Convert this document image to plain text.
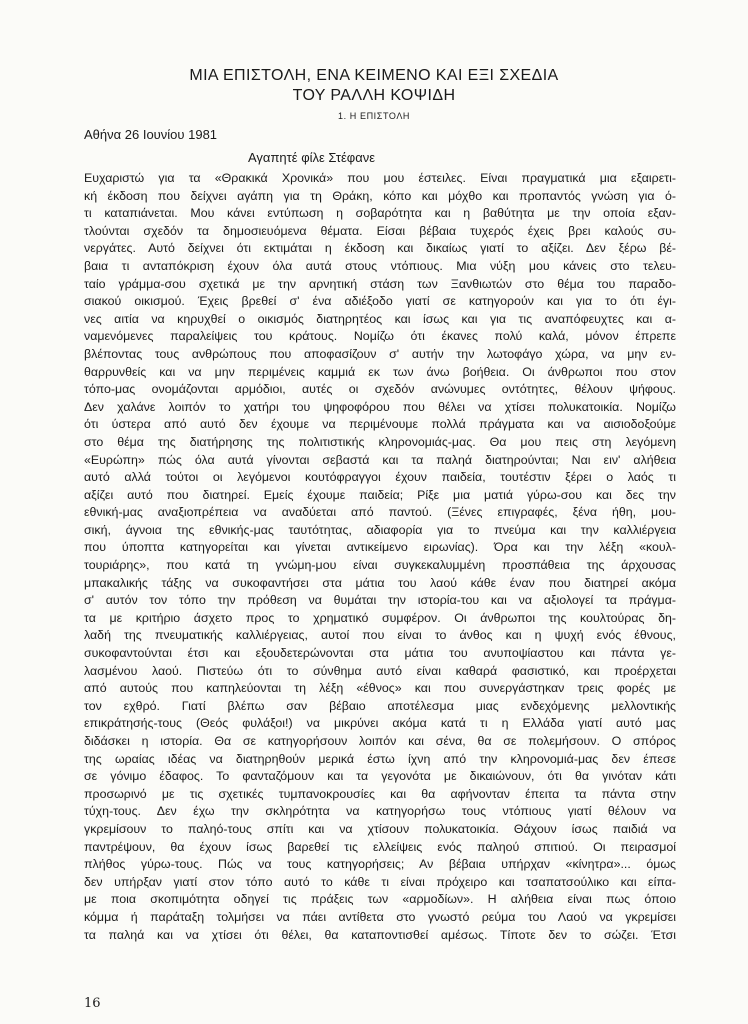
ΜΙΑ ΕΠΙΣΤΟΛΗ, ΕΝΑ ΚΕΙΜΕΝΟ ΚΑΙ ΕΞΙ ΣΧΕΔΙΑ
ΤΟΥ ΡΑΛΛΗ ΚΟΨΙΔΗ
1. Η ΕΠΙΣΤΟΛΗ
Αθήνα 26 Ιουνίου 1981
Αγαπητέ φίλε Στέφανε

Ευχαριστώ για τα «Θρακικά Χρονικά» που μου έστειλες. Είναι πραγματικά μια εξαιρετι-
κή έκδοση που δείχνει αγάπη για τη Θράκη, κόπο και μόχθο και προπαντός γνώση για ό-
τι καταπιάνεται. Μου κάνει εντύπωση η σοβαρότητα και η βαθύτητα με την οποία εξαν-
τλούνται σχεδόν τα δημοσιευόμενα θέματα. Είσαι βέβαια τυχερός έχεις βρει καλούς συ-
νεργάτες. Αυτό δείχνει ότι εκτιμάται η έκδοση και δικαίως γιατί το αξίζει. Δεν ξέρω βέ-
βαια τι ανταπόκριση έχουν όλα αυτά στους ντόπιους. Μια νύξη μου κάνεις στο τελευ-
ταίο γράμμα-σου σχετικά με την αρνητική στάση των Ξανθιωτών στο θέμα του παραδο-
σιακού οικισμού. Έχεις βρεθεί σ' ένα αδιέξοδο γιατί σε κατηγορούν και για το ότι έγι-
νες αιτία να κηρυχθεί ο οικισμός διατηρητέος και ίσως και για τις αναπόφευχτες και α-
ναμενόμενες παραλείψεις του κράτους. Νομίζω ότι έκανες πολύ καλά, μόνον έπρεπε
βλέποντας τους ανθρώπους που αποφασίζουν σ' αυτήν την λωτοφάγο χώρα, να μην εν-
θαρρυνθείς και να μην περιμένεις καμμιά εκ των άνω βοήθεια. Οι άνθρωποι που στον
τόπο-μας ονομάζονται αρμόδιοι, αυτές οι σχεδόν ανώνυμες οντότητες, θέλουν ψήφους.
Δεν χαλάνε λοιπόν το χατήρι του ψηφοφόρου που θέλει να χτίσει πολυκατοικία. Νομίζω
ότι ύστερα από αυτό δεν έχουμε να περιμένουμε πολλά πράγματα και να αισιοδοξούμε
στο θέμα της διατήρησης της πολιτιστικής κληρονομιάς-μας. Θα μου πεις στη λεγόμενη
«Ευρώπη» πώς όλα αυτά γίνονται σεβαστά και τα παληά διατηρούνται; Ναι ειν' αλήθεια
αυτό αλλά τούτοι οι λεγόμενοι κουτόφραγγοι έχουν παιδεία, τουτέστιν ξέρει ο λαός τι
αξίζει αυτό που διατηρεί. Εμείς έχουμε παιδεία; Ρίξε μια ματιά γύρω-σου και δες την
εθνική-μας αναξιοπρέπεια να αναδύεται από παντού. (Ξένες επιγραφές, ξένα ήθη, μου-
σική, άγνοια της εθνικής-μας ταυτότητας, αδιαφορία για το πνεύμα και την καλλιέργεια
που ύποπτα κατηγορείται και γίνεται αντικείμενο ειρωνίας). Όρα και την λέξη «κουλ-
τουριάρης», που κατά τη γνώμη-μου είναι συγκεκαλυμμένη προσπάθεια της άρχουσας
μπακαλικής τάξης να συκοφαντήσει στα μάτια του λαού κάθε έναν που διατηρεί ακόμα
σ' αυτόν τον τόπο την πρόθεση να θυμάται την ιστορία-του και να αξιολογεί τα πράγμα-
τα με κριτήριο άσχετο προς το χρηματικό συμφέρον. Οι άνθρωποι της κουλτούρας δη-
λαδή της πνευματικής καλλιέργειας, αυτοί που είναι το άνθος και η ψυχή ενός έθνους,
συκοφαντούνται έτσι και εξουδετερώνονται στα μάτια του ανυποψίαστου και πάντα γε-
λασμένου λαού. Πιστεύω ότι το σύνθημα αυτό είναι καθαρά φασιστικό, και προέρχεται
από αυτούς που καπηλεύονται τη λέξη «έθνος» και που συνεργάστηκαν τρεις φορές με
τον εχθρό. Γιατί βλέπω σαν βέβαιο αποτέλεσμα μιας ενδεχόμενης μελλοντικής
επικράτησής-τους (Θεός φυλάξοι!) να μικρύνει ακόμα κατά τι η Ελλάδα γιατί αυτό μας
διδάσκει η ιστορία. Θα σε κατηγορήσουν λοιπόν και σένα, θα σε πολεμήσουν. Ο σπόρος
της ωραίας ιδέας να διατηρηθούν μερικά έστω ίχνη από την κληρονομιά-μας δεν έπεσε
σε γόνιμο έδαφος. Το φανταζόμουν και τα γεγονότα με δικαιώνουν, ότι θα γινόταν κάτι
προσωρινό με τις σχετικές τυμπανοκρουσίες και θα αφήνονταν έπειτα τα πάντα στην
τύχη-τους. Δεν έχω την σκληρότητα να κατηγορήσω τους ντόπιους γιατί θέλουν να
γκρεμίσουν το παληό-τους σπίτι και να χτίσουν πολυκατοικία. Θάχουν ίσως παιδιά να
παντρέψουν, θα έχουν ίσως βαρεθεί τις ελλείψεις ενός παληού σπιτιού. Οι πειρασμοί
πλήθος γύρω-τους. Πώς να τους κατηγορήσεις; Αν βέβαια υπήρχαν «κίνητρα»... όμως
δεν υπήρξαν γιατί στον τόπο αυτό το κάθε τι είναι πρόχειρο και τσαπατσούλικο και είπα-
με ποια σκοπιμότητα οδηγεί τις πράξεις των «αρμοδίων». Η αλήθεια είναι πως όποιο
κόμμα ή παράταξη τολμήσει να πάει αντίθετα στο γνωστό ρεύμα του Λαού να γκρεμίσει
τα παληά και να χτίσει ότι θέλει, θα καταποντισθεί αμέσως. Τίποτε δεν το σώζει. Έτσι

16
